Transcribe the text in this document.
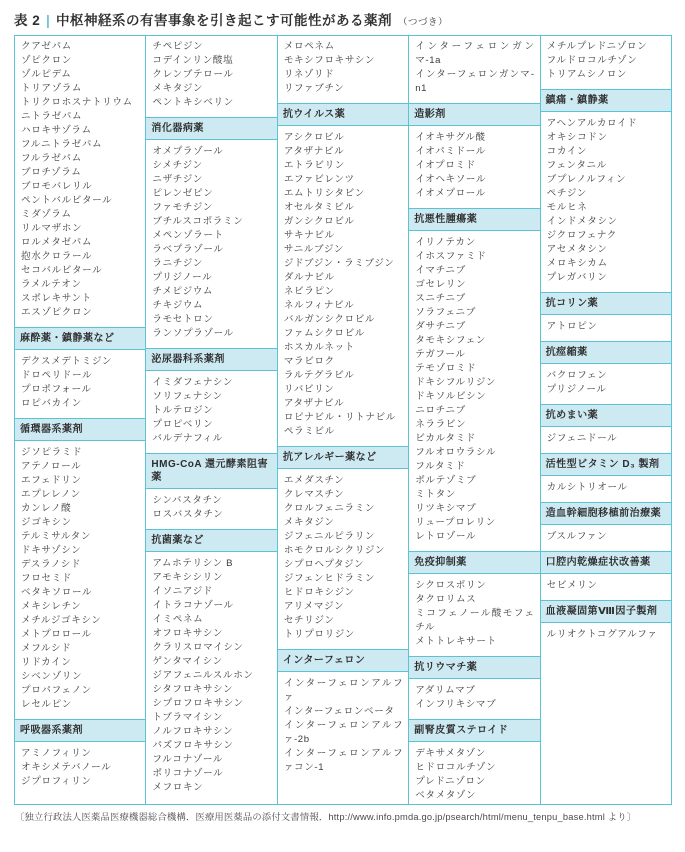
表 2 | 中枢神経系の有害事象を引き起こす可能性がある薬剤 （つづき）
クアゼパム
ゾピクロン
ゾルピデム
トリアゾラム
トリクロホスナトリウム
ニトラゼパム
ハロキサゾラム
フルニトラゼパム
フルラゼパム
ブロチゾラム
ブロモバレリル
ペントバルビタール
ミダゾラム
リルマザホン
ロルメタゼパム
抱水クロラール
セコバルビタール
ラメルテオン
スボレキサント
エスゾピクロン
麻酔薬・鎮静薬など
デクスメデトミジン
ドロペリドール
プロポフォール
ロピバカイン
循環器系薬剤
ジソピラミド
アテノロール
エフェドリン
エプレレノン
カンレノ酸
ジゴキシン
テルミサルタン
ドキサゾシン
デスラノシド
フロセミド
ベタキソロール
メキシレチン
メチルジゴキシン
メトプロロール
メフルシド
リドカイン
シベンゾリン
プロパフェノン
レセルピン
呼吸器系薬剤
アミノフィリン
オキシメテバノール
ジプロフィリン
チペピジン
コデインリン酸塩
クレンブテロール
メキタジン
ペントキシベリン
消化器病薬
オメプラゾール
シメチジン
ニザチジン
ピレンゼピン
ファモチジン
ブチルスコポラミン
メペンゾラート
ラベプラゾール
ラニチジン
プリジノール
チメピジウム
チキジウム
ラモセトロン
ランソプラゾール
泌尿器科系薬剤
イミダフェナシン
ソリフェナシン
トルテロジン
プロピベリン
バルデナフィル
HMG-CoA 還元酵素阻害薬
シンバスタチン
ロスバスタチン
抗菌薬など
アムホテリシン B
アモキシシリン
イソニアジド
イトラコナゾール
イミペネム
オフロキサシン
クラリスロマイシン
ゲンタマイシン
ジアフェニルスルホン
シタフロキサシン
シプロフロキサシン
トブラマイシン
ノルフロキサシン
パズフロキサシン
フルコナゾール
ボリコナゾール
メフロキン
メロペネム
モキシフロキサシン
リネゾリド
リファブチン
抗ウイルス薬
アシクロビル
アタザナビル
エトラビリン
エファビレンツ
エムトリシタビン
オセルタミビル
ガンシクロビル
サキナビル
サニルブジン
ジドブジン・ラミブジン
ダルナビル
ネビラピン
ネルフィナビル
バルガンシクロビル
ファムシクロビル
ホスカルネット
マラビロク
ラルテグラビル
リバビリン
アタザナビル
ロピナビル・リトナビル
ペラミビル
抗アレルギー薬など
エメダスチン
クレマスチン
クロルフェニラミン
メキタジン
ジフェニルピラリン
ホモクロルシクリジン
シプロヘプタジン
ジフェンヒドラミン
ヒドロキシジン
アリメマジン
セチリジン
トリプロリジン
インターフェロン
インターフェロンアルファ
インターフェロンベータ
インターフェロンアルファ-2b
インターフェロンアルファコン-1
インターフェロンガンマ-1a
インターフェロンガンマ-n1
造影剤
イオキサグル酸
イオパミドール
イオプロミド
イオヘキソール
イオメプロール
抗悪性腫瘍薬
イリノテカン
イホスファミド
イマチニブ
ゴセレリン
スニチニブ
ソラフェニブ
ダサチニブ
タモキシフェン
テガフール
テモゾロミド
ドキシフルリジン
ドキソルビシン
ニロチニブ
ネララビン
ビカルタミド
フルオロウラシル
フルタミド
ボルテゾミブ
ミトタン
リツキシマブ
リュープロレリン
レトロゾール
免疫抑制薬
シクロスポリン
タクロリムス
ミコフェノール酸モフェチル
メトトレキサート
抗リウマチ薬
アダリムマブ
インフリキシマブ
副腎皮質ステロイド
デキサメタゾン
ヒドロコルチゾン
プレドニゾロン
ベタメタゾン
メチルプレドニゾロン
フルドロコルチゾン
トリアムシノロン
鎮痛・鎮静薬
アヘンアルカロイド
オキシコドン
コカイン
フェンタニル
ブプレノルフィン
ペチジン
モルヒネ
インドメタシン
ジクロフェナク
アセメタシン
メロキシカム
プレガバリン
抗コリン薬
アトロピン
抗痙縮薬
バクロフェン
プリジノール
抗めまい薬
ジフェニドール
活性型ビタミン D₃ 製剤
カルシトリオール
造血幹細胞移植前治療薬
ブスルファン
口腔内乾燥症状改善薬
セビメリン
血液凝固第Ⅷ因子製剤
ルリオクトコグアルファ
〔独立行政法人医薬品医療機器総合機構．医療用医薬品の添付文書情報．http://www.info.pmda.go.jp/psearch/html/menu_tenpu_base.html より〕
